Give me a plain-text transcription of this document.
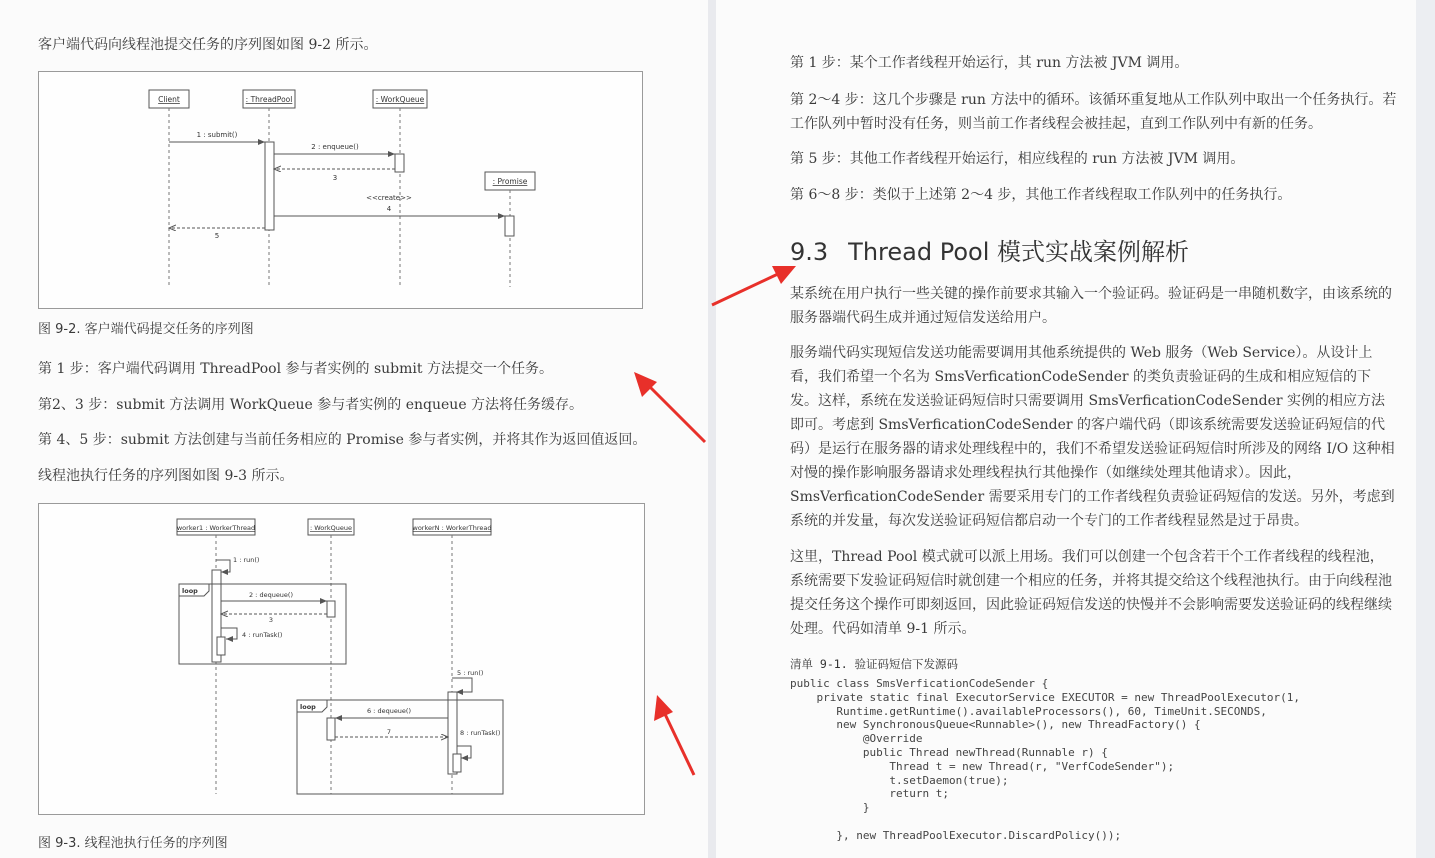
客户端代码向线程池提交任务的序列图如图 9-2 所示。

Client	: ThreadPool	: WorkQueue
: Promise
1 : submit()
2 : enqueue()
3
<<create>>
4
5
图 9-2. 客户端代码提交任务的序列图

第 1 步：客户端代码调用 ThreadPool 参与者实例的 submit 方法提交一个任务。

第2、3 步：submit 方法调用 WorkQueue 参与者实例的 enqueue 方法将任务缓存。

第 4、5 步：submit 方法创建与当前任务相应的 Promise 参与者实例，并将其作为返回值返回。

线程池执行任务的序列图如图 9-3 所示。

worker1 : WorkerThread	: WorkQueue	workerN : WorkerThread
1 : run()
loop	2 : dequeue()
3
4 : runTask()
5 : run()
loop	6 : dequeue()
7	8 : runTask()
图 9-3. 线程池执行任务的序列图

第 1 步：某个工作者线程开始运行，其 run 方法被 JVM 调用。

第 2～4 步：这几个步骤是 run 方法中的循环。该循环重复地从工作队列中取出一个任务执行。若工作队列中暂时没有任务，则当前工作者线程会被挂起，直到工作队列中有新的任务。

第 5 步：其他工作者线程开始运行，相应线程的 run 方法被 JVM 调用。

第 6～8 步：类似于上述第 2～4 步，其他工作者线程取工作队列中的任务执行。

9.3 Thread Pool 模式实战案例解析

某系统在用户执行一些关键的操作前要求其输入一个验证码。验证码是一串随机数字，由该系统的服务器端代码生成并通过短信发送给用户。

服务端代码实现短信发送功能需要调用其他系统提供的 Web 服务（Web Service）。从设计上看，我们希望一个名为 SmsVerficationCodeSender 的类负责验证码的生成和相应短信的下发。这样，系统在发送验证码短信时只需要调用 SmsVerficationCodeSender 实例的相应方法即可。考虑到 SmsVerficationCodeSender 的客户端代码（即该系统需要发送验证码短信的代码）是运行在服务器的请求处理线程中的，我们不希望发送验证码短信时所涉及的网络 I/O 这种相对慢的操作影响服务器请求处理线程执行其他操作（如继续处理其他请求）。因此，SmsVerficationCodeSender 需要采用专门的工作者线程负责验证码短信的发送。另外，考虑到系统的并发量，每次发送验证码短信都启动一个专门的工作者线程显然是过于昂贵。

这里，Thread Pool 模式就可以派上用场。我们可以创建一个包含若干个工作者线程的线程池，系统需要下发验证码短信时就创建一个相应的任务，并将其提交给这个线程池执行。由于向线程池提交任务这个操作可即刻返回，因此验证码短信发送的快慢并不会影响需要发送验证码的线程继续处理。代码如清单 9-1 所示。

清单 9-1. 验证码短信下发源码
public class SmsVerficationCodeSender {
private static final ExecutorService EXECUTOR = new ThreadPoolExecutor(1,
Runtime.getRuntime().availableProcessors(), 60, TimeUnit.SECONDS,
new SynchronousQueue<Runnable>(), new ThreadFactory() {
@Override
public Thread newThread(Runnable r) {
Thread t = new Thread(r, "VerfCodeSender");
t.setDaemon(true);
return t;
}

}, new ThreadPoolExecutor.DiscardPolicy());
